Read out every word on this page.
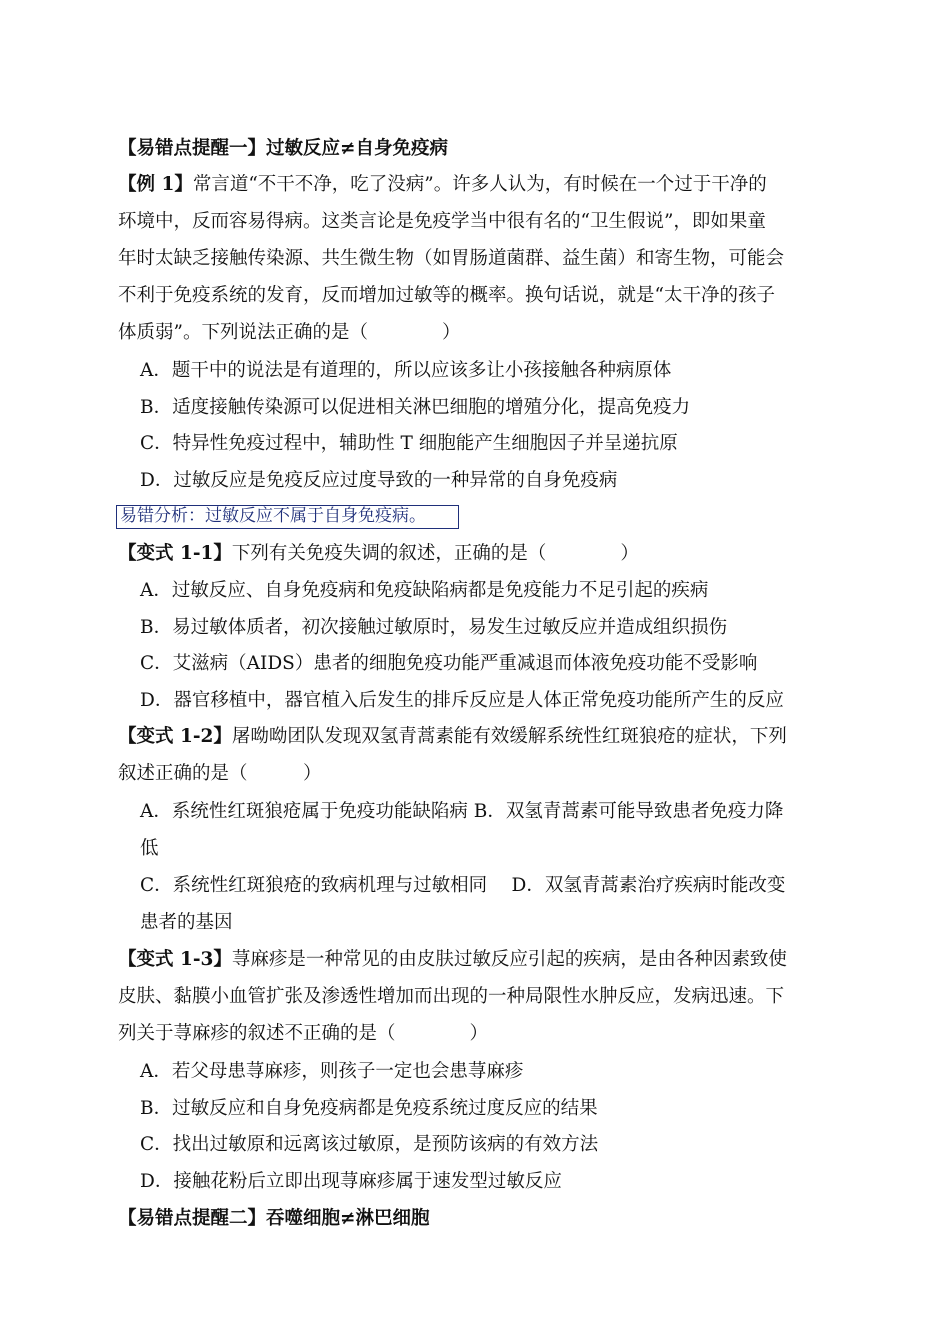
【易错点提醒一】过敏反应≠自身免疫病
【例 1】常言道“不干不净，吃了没病”。许多人认为，有时候在一个过于干净的
环境中，反而容易得病。这类言论是免疫学当中很有名的“卫生假说”，即如果童
年时太缺乏接触传染源、共生微生物（如胃肠道菌群、益生菌）和寄生物，可能会
不利于免疫系统的发育，反而增加过敏等的概率。换句话说，就是“太干净的孩子
体质弱”。下列说法正确的是（　　　　）
A．题干中的说法是有道理的，所以应该多让小孩接触各种病原体
B．适度接触传染源可以促进相关淋巴细胞的增殖分化，提高免疫力
C．特异性免疫过程中，辅助性 T 细胞能产生细胞因子并呈递抗原
D．过敏反应是免疫反应过度导致的一种异常的自身免疫病
易错分析：过敏反应不属于自身免疫病。
【变式 1-1】下列有关免疫失调的叙述，正确的是（　　　　）
A．过敏反应、自身免疫病和免疫缺陷病都是免疫能力不足引起的疾病
B．易过敏体质者，初次接触过敏原时，易发生过敏反应并造成组织损伤
C．艾滋病（AIDS）患者的细胞免疫功能严重减退而体液免疫功能不受影响
D．器官移植中，器官植入后发生的排斥反应是人体正常免疫功能所产生的反应
【变式 1-2】屠呦呦团队发现双氢青蒿素能有效缓解系统性红斑狼疮的症状，下列
叙述正确的是（　　　）
A．系统性红斑狼疮属于免疫功能缺陷病 B．双氢青蒿素可能导致患者免疫力降
低
C．系统性红斑狼疮的致病机理与过敏相同　 D．双氢青蒿素治疗疾病时能改变
患者的基因
【变式 1-3】荨麻疹是一种常见的由皮肤过敏反应引起的疾病，是由各种因素致使
皮肤、黏膜小血管扩张及渗透性增加而出现的一种局限性水肿反应，发病迅速。下
列关于荨麻疹的叙述不正确的是（　　　　）
A．若父母患荨麻疹，则孩子一定也会患荨麻疹
B．过敏反应和自身免疫病都是免疫系统过度反应的结果
C．找出过敏原和远离该过敏原，是预防该病的有效方法
D．接触花粉后立即出现荨麻疹属于速发型过敏反应
【易错点提醒二】吞噬细胞≠淋巴细胞
